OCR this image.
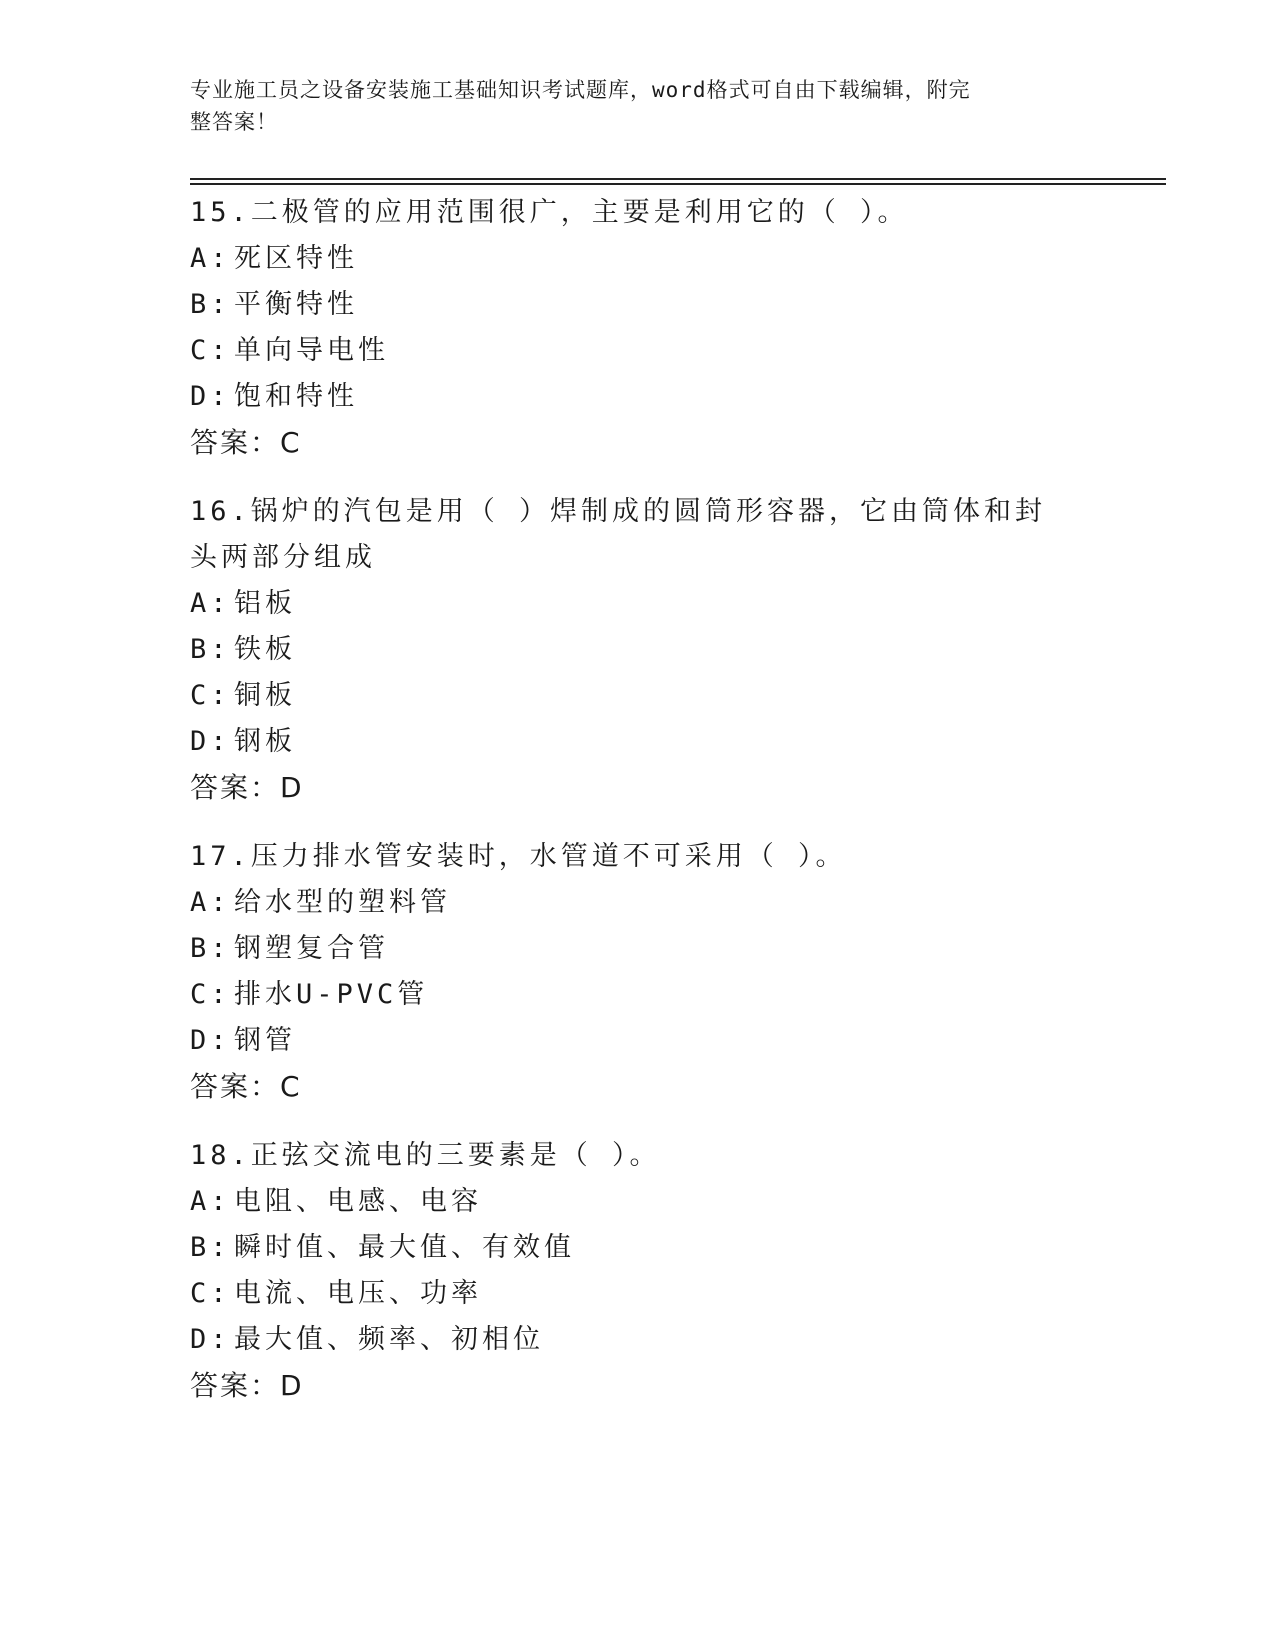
专业施工员之设备安装施工基础知识考试题库，word格式可自由下载编辑，附完
整答案！

15.二极管的应用范围很广，主要是利用它的（ ）。

A: 死区特性

B: 平衡特性

C: 单向导电性

D: 饱和特性

答案：C

16.锅炉的汽包是用（ ）焊制成的圆筒形容器，它由筒体和封头两部分组成

A: 铝板

B: 铁板

C: 铜板

D: 钢板

答案：D

17.压力排水管安装时，水管道不可采用（ ）。

A: 给水型的塑料管

B: 钢塑复合管

C: 排水U-PVC管

D: 钢管

答案：C

18.正弦交流电的三要素是（ ）。

A: 电阻、电感、电容

B: 瞬时值、最大值、有效值

C: 电流、电压、功率

D: 最大值、频率、初相位

答案：D
